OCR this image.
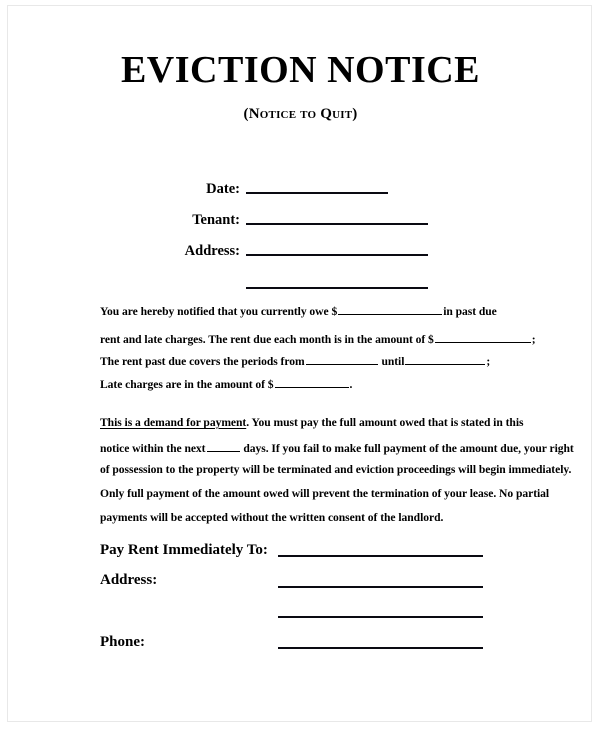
EVICTION NOTICE
(Notice to Quit)
Date:
Tenant:
Address:
You are hereby notified that you currently owe $	in past due
rent and late charges. The rent due each month is in the amount of $	;
The rent past due covers the periods from	until	;
Late charges are in the amount of $	.
This is a demand for payment. You must pay the full amount owed that is stated in this
notice within the next	days. If you fail to make full payment of the amount due, your right
of possession to the property will be terminated and eviction proceedings will begin immediately.
Only full payment of the amount owed will prevent the termination of your lease. No partial
payments will be accepted without the written consent of the landlord.
Pay Rent Immediately To:
Address:
Phone:
